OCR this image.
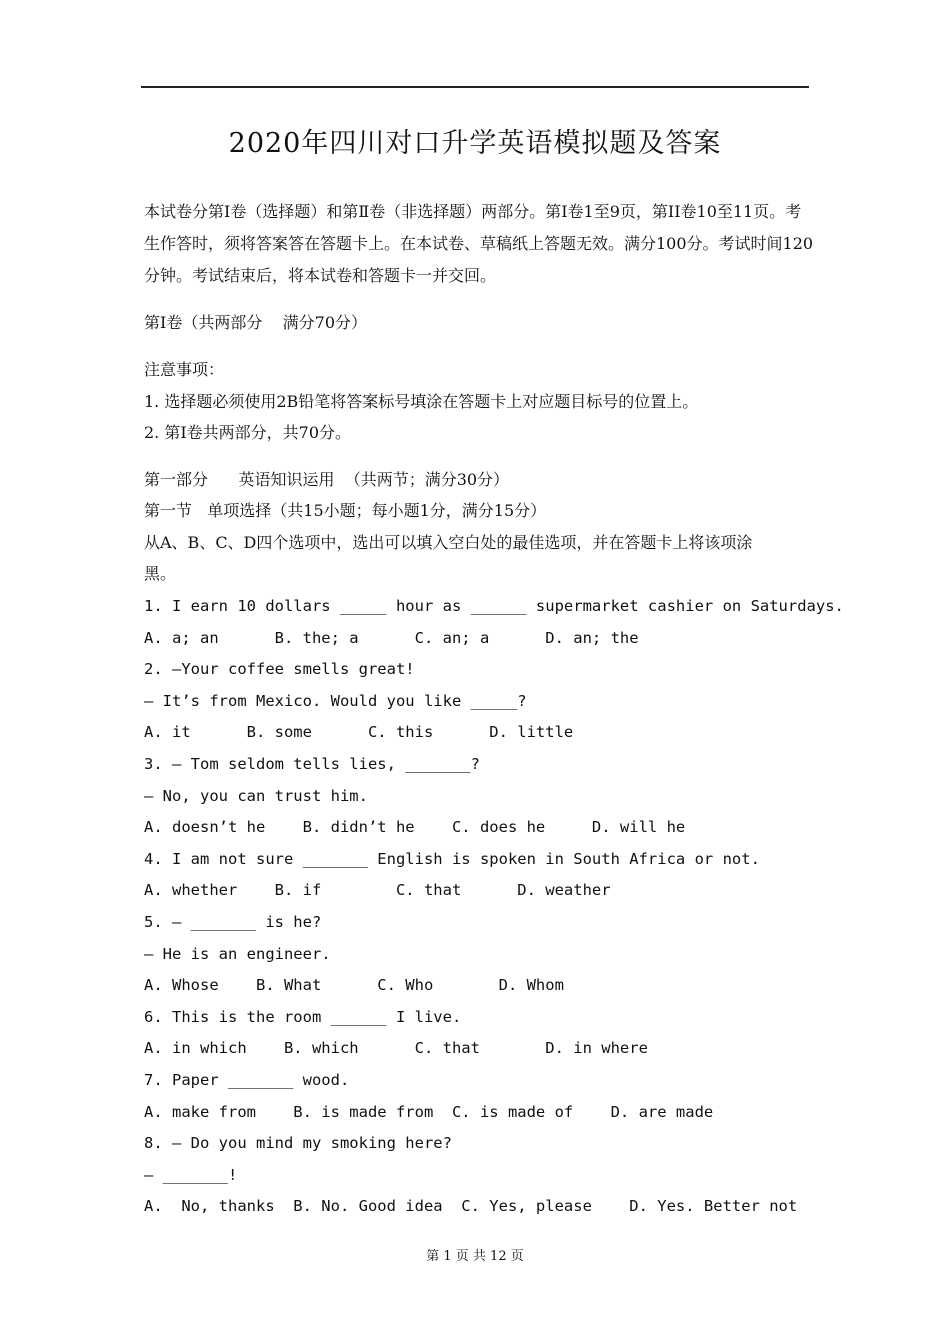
2020年四川对口升学英语模拟题及答案
本试卷分第Ⅰ卷（选择题）和第Ⅱ卷（非选择题）两部分。第Ⅰ卷1至9页，第II卷10至11页。考生作答时，须将答案答在答题卡上。在本试卷、草稿纸上答题无效。满分100分。考试时间120分钟。考试结束后，将本试卷和答题卡一并交回。
第Ⅰ卷（共两部分    满分70分）
注意事项：
1. 选择题必须使用2B铅笔将答案标号填涂在答题卡上对应题目标号的位置上。
2. 第Ⅰ卷共两部分，共70分。
第一部分      英语知识运用  （共两节；满分30分）
第一节   单项选择（共15小题；每小题1分，满分15分）
从A、B、C、D四个选项中，选出可以填入空白处的最佳选项，并在答题卡上将该项涂
黑。
1. I earn 10 dollars _____ hour as ______ supermarket cashier on Saturdays.
A. a; an      B. the; a      C. an; a      D. an; the
2. —Your coffee smells great!
— It’s from Mexico. Would you like _____?
A. it      B. some      C. this      D. little
3. — Tom seldom tells lies, _______?
— No, you can trust him.
A. doesn’t he    B. didn’t he    C. does he     D. will he
4. I am not sure _______ English is spoken in South Africa or not.
A. whether    B. if        C. that      D. weather
5. — _______ is he?
— He is an engineer.
A. Whose    B. What      C. Who       D. Whom
6. This is the room ______ I live.
A. in which    B. which      C. that       D. in where
7. Paper _______ wood.
A. make from    B. is made from  C. is made of    D. are made
8. — Do you mind my smoking here?
— _______!
A.  No, thanks  B. No. Good idea  C. Yes, please    D. Yes. Better not
第 1 页 共 12 页
